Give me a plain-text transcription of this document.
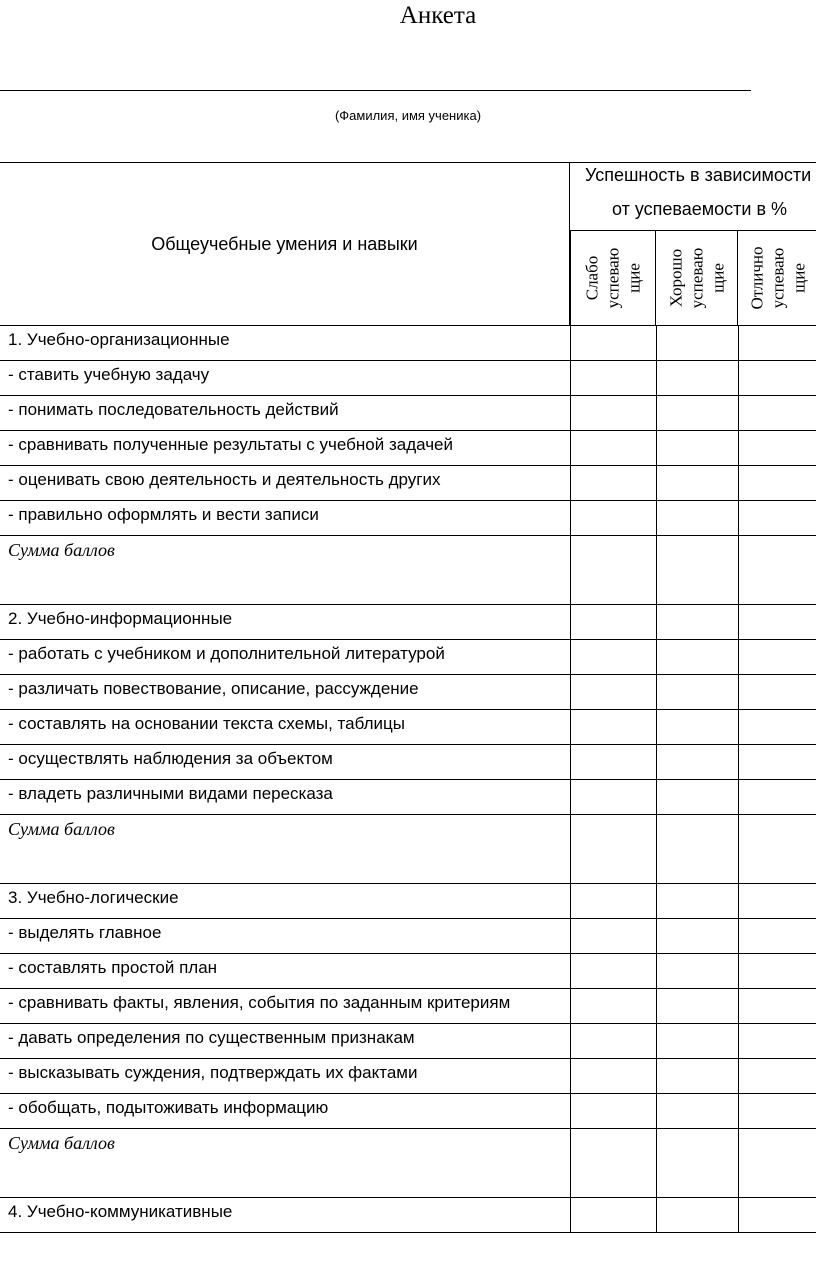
Анкета
(Фамилия, имя ученика)
Общеучебные умения и навыки
Успешность в зависимости
от успеваемости в %
Слабо успеваю щие Хорошо успеваю щие Отлично успеваю щие
1. Учебно-организационные
- ставить учебную задачу
- понимать последовательность действий
- сравнивать полученные результаты с учебной задачей
- оценивать свою деятельность и деятельность других
- правильно оформлять и вести записи
Сумма баллов
2. Учебно-информационные
- работать с учебником и дополнительной литературой
- различать повествование, описание, рассуждение
- составлять на основании текста схемы, таблицы
- осуществлять наблюдения за объектом
- владеть различными видами пересказа
Сумма баллов
3. Учебно-логические
- выделять главное
- составлять простой план
- сравнивать факты, явления, события по заданным критериям
- давать определения по существенным признакам
- высказывать суждения, подтверждать их фактами
- обобщать, подытоживать информацию
Сумма баллов
4. Учебно-коммуникативные
